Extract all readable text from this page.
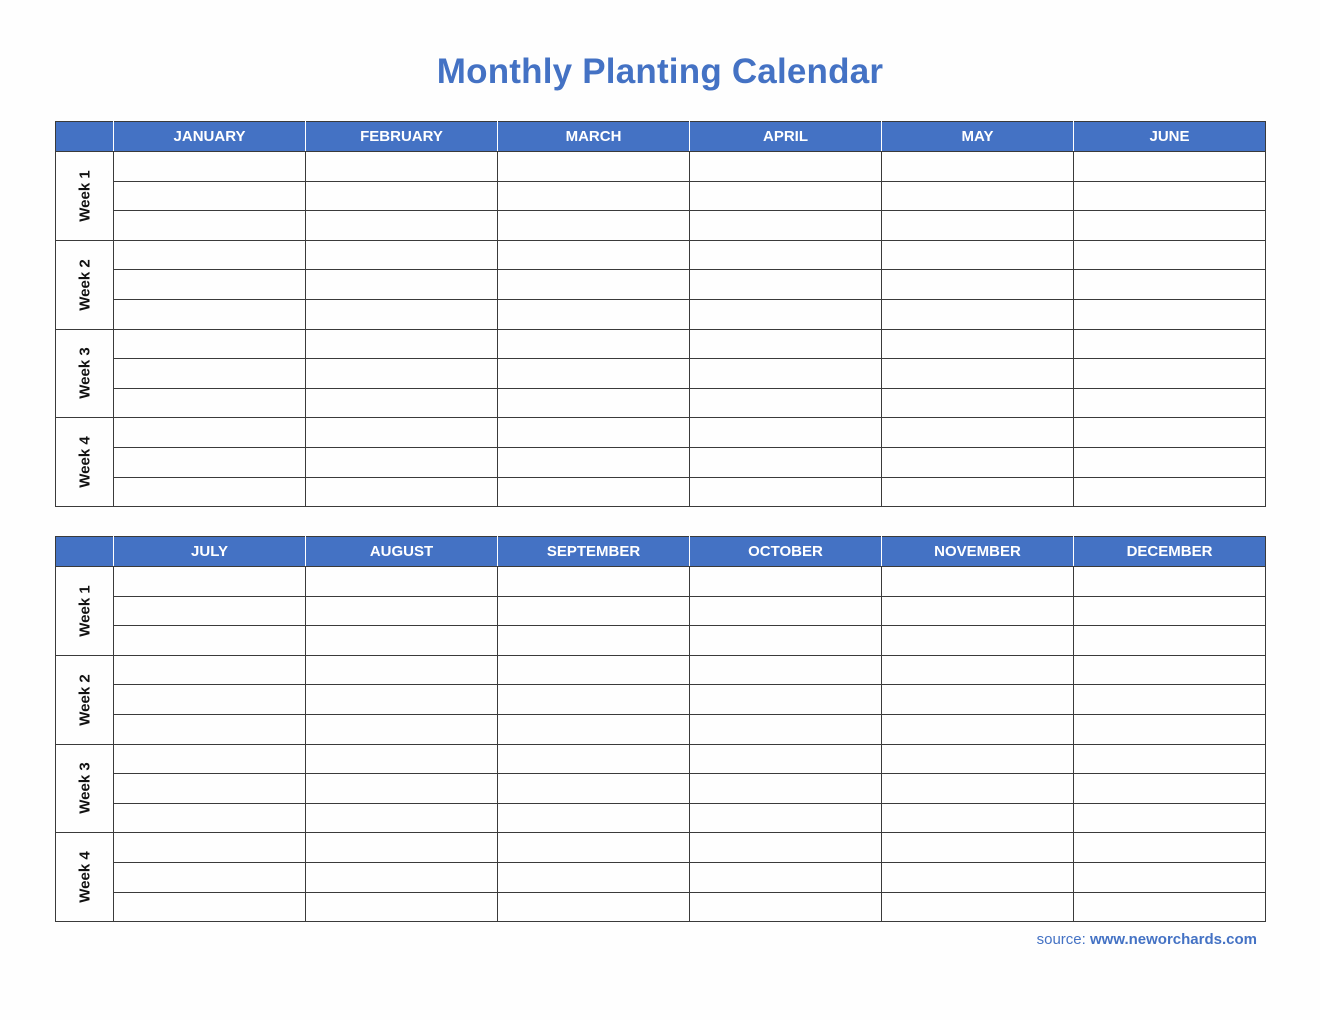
Monthly Planting Calendar
	JANUARY	FEBRUARY	MARCH	APRIL	MAY	JUNE

Week 1						

Week 2						

Week 3						

Week 4						

	JULY	AUGUST	SEPTEMBER	OCTOBER	NOVEMBER	DECEMBER

Week 1						

Week 2						

Week 3						

Week 4						

source: www.neworchards.com
